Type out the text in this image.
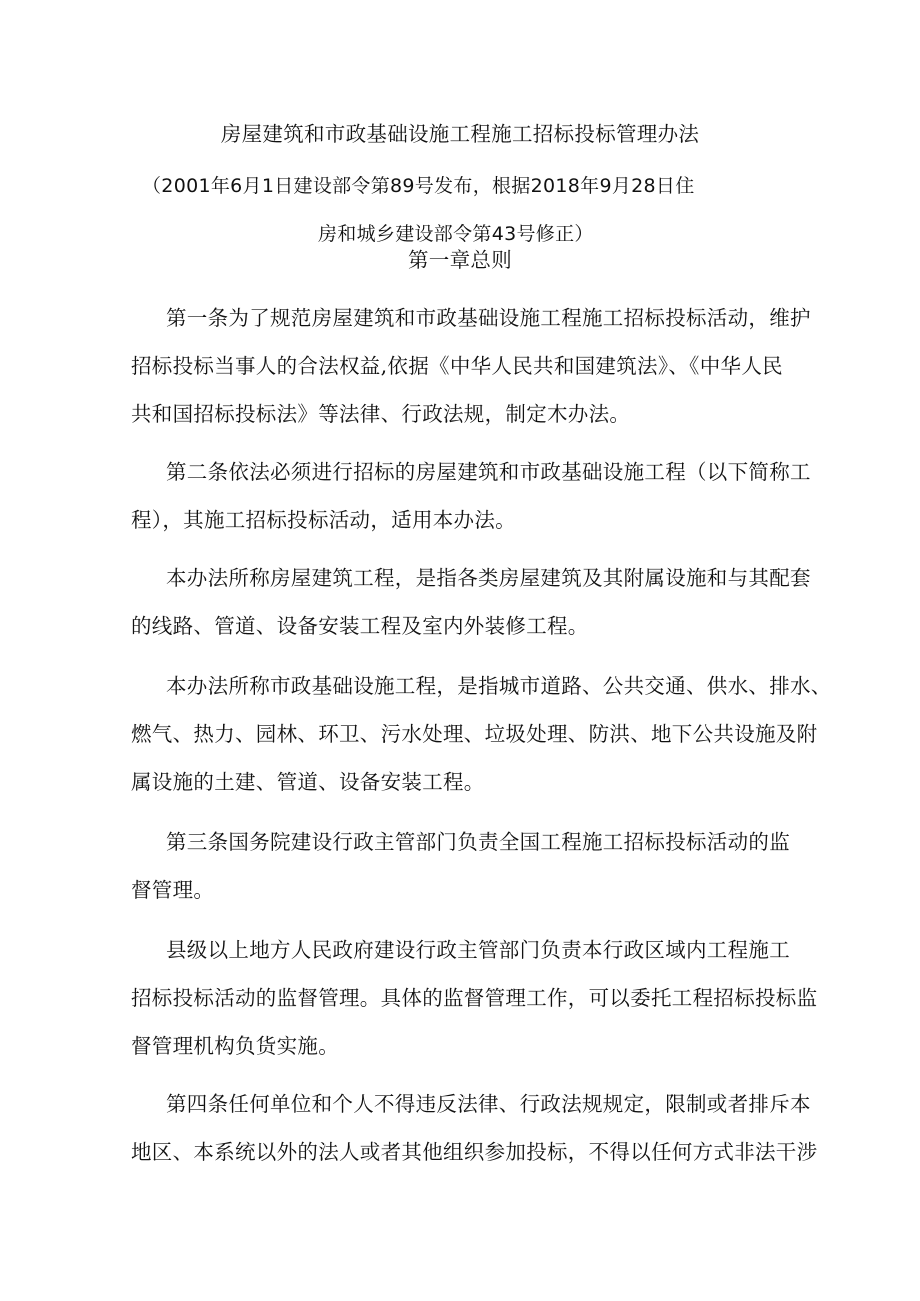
房屋建筑和市政基础设施工程施工招标投标管理办法
（2001年6月1日建设部令第89号发布，根据2018年9月28日住
房和城乡建设部令第43号修正）
第一章总则
第一条为了规范房屋建筑和市政基础设施工程施工招标投标活动，维护
招标投标当事人的合法权益,依据《中华人民共和国建筑法》、《中华人民
共和国招标投标法》等法律、行政法规，制定木办法。
第二条依法必须进行招标的房屋建筑和市政基础设施工程（以下简称工
程），其施工招标投标活动，适用本办法。
本办法所称房屋建筑工程，是指各类房屋建筑及其附属设施和与其配套
的线路、管道、设备安装工程及室内外装修工程。
本办法所称市政基础设施工程，是指城市道路、公共交通、供水、排水、
燃气、热力、园林、环卫、污水处理、垃圾处理、防洪、地下公共设施及附
属设施的土建、管道、设备安装工程。
第三条国务院建设行政主管部门负责全国工程施工招标投标活动的监
督管理。
县级以上地方人民政府建设行政主管部门负责本行政区域内工程施工
招标投标活动的监督管理。具体的监督管理工作，可以委托工程招标投标监
督管理机构负货实施。
第四条任何单位和个人不得违反法律、行政法规规定，限制或者排斥本
地区、本系统以外的法人或者其他组织参加投标，不得以任何方式非法干涉
